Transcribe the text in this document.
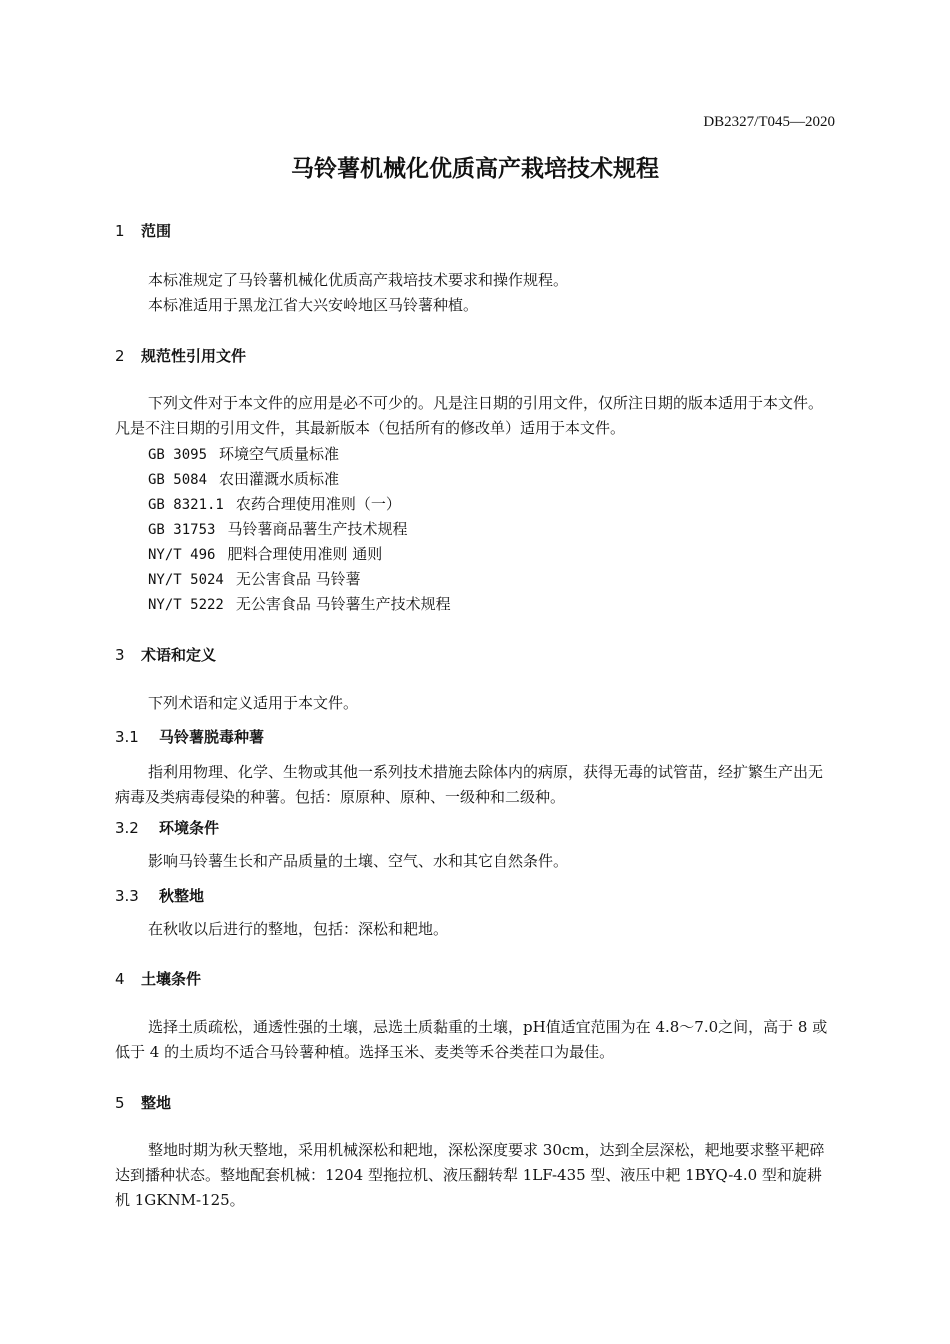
DB2327/T045—2020
马铃薯机械化优质高产栽培技术规程
1 范围
本标准规定了马铃薯机械化优质高产栽培技术要求和操作规程。
本标准适用于黑龙江省大兴安岭地区马铃薯种植。
2 规范性引用文件
下列文件对于本文件的应用是必不可少的。凡是注日期的引用文件，仅所注日期的版本适用于本文件。凡是不注日期的引用文件，其最新版本（包括所有的修改单）适用于本文件。
GB 3095 环境空气质量标准
GB 5084 农田灌溉水质标准
GB 8321.1 农药合理使用准则（一）
GB 31753 马铃薯商品薯生产技术规程
NY/T 496 肥料合理使用准则 通则
NY/T 5024 无公害食品 马铃薯
NY/T 5222 无公害食品 马铃薯生产技术规程
3 术语和定义
下列术语和定义适用于本文件。
3.1 马铃薯脱毒种薯
指利用物理、化学、生物或其他一系列技术措施去除体内的病原，获得无毒的试管苗，经扩繁生产出无病毒及类病毒侵染的种薯。包括：原原种、原种、一级种和二级种。
3.2 环境条件
影响马铃薯生长和产品质量的土壤、空气、水和其它自然条件。
3.3 秋整地
在秋收以后进行的整地，包括：深松和耙地。
4 土壤条件
选择土质疏松，通透性强的土壤，忌选土质黏重的土壤，pH值适宜范围为在 4.8～7.0之间，高于 8 或低于 4 的土质均不适合马铃薯种植。选择玉米、麦类等禾谷类茬口为最佳。
5 整地
整地时期为秋天整地，采用机械深松和耙地，深松深度要求 30cm，达到全层深松，耙地要求整平耙碎达到播种状态。整地配套机械：1204 型拖拉机、液压翻转犁 1LF-435 型、液压中耙 1BYQ-4.0 型和旋耕机 1GKNM-125。
